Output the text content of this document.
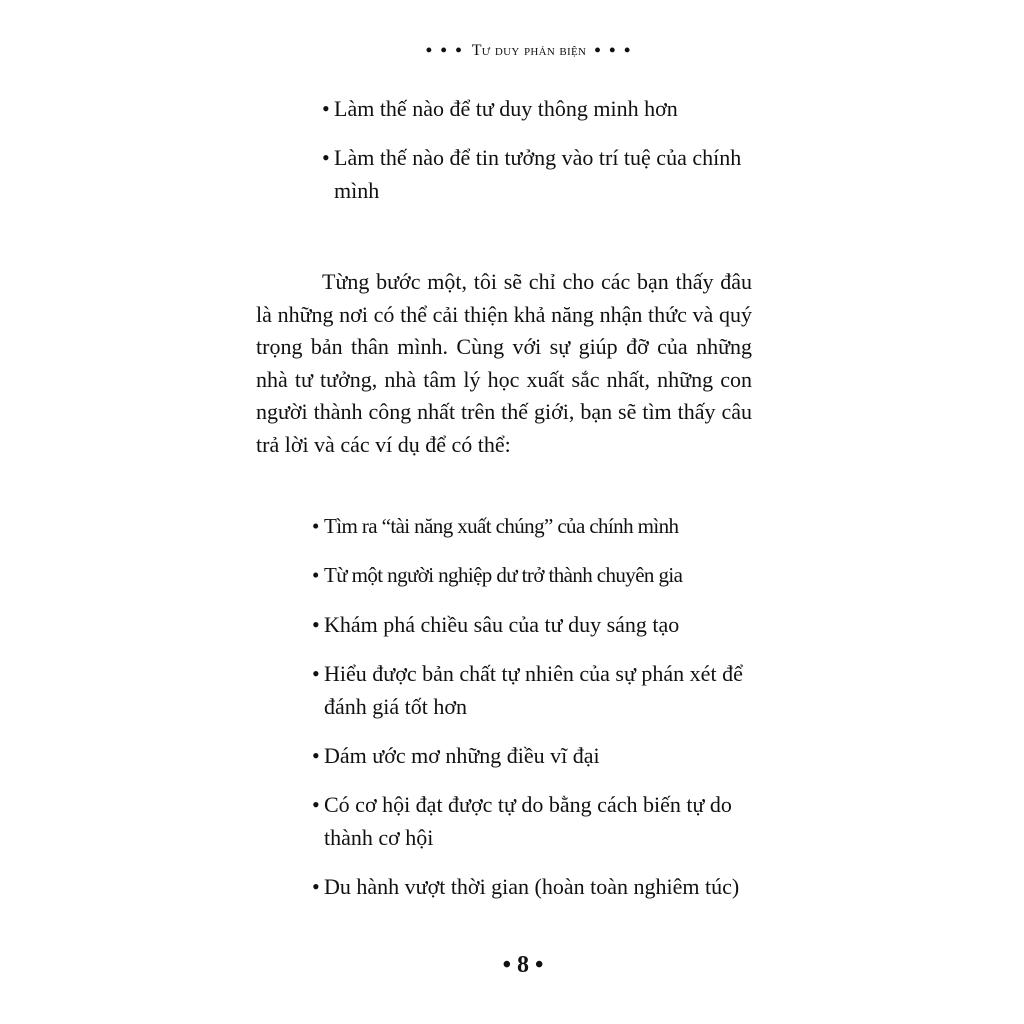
• • • Tư duy phản biện • • •
• Làm thế nào để tư duy thông minh hơn
• Làm thế nào để tin tưởng vào trí tuệ của chính mình

Từng bước một, tôi sẽ chỉ cho các bạn thấy đâu là những nơi có thể cải thiện khả năng nhận thức và quý trọng bản thân mình. Cùng với sự giúp đỡ của những nhà tư tưởng, nhà tâm lý học xuất sắc nhất, những con người thành công nhất trên thế giới, bạn sẽ tìm thấy câu trả lời và các ví dụ để có thể:

• Tìm ra “tài năng xuất chúng” của chính mình
• Từ một người nghiệp dư trở thành chuyên gia
• Khám phá chiều sâu của tư duy sáng tạo
• Hiểu được bản chất tự nhiên của sự phán xét để đánh giá tốt hơn
• Dám ước mơ những điều vĩ đại
• Có cơ hội đạt được tự do bằng cách biến tự do thành cơ hội
• Du hành vượt thời gian (hoàn toàn nghiêm túc)
• 8 •
